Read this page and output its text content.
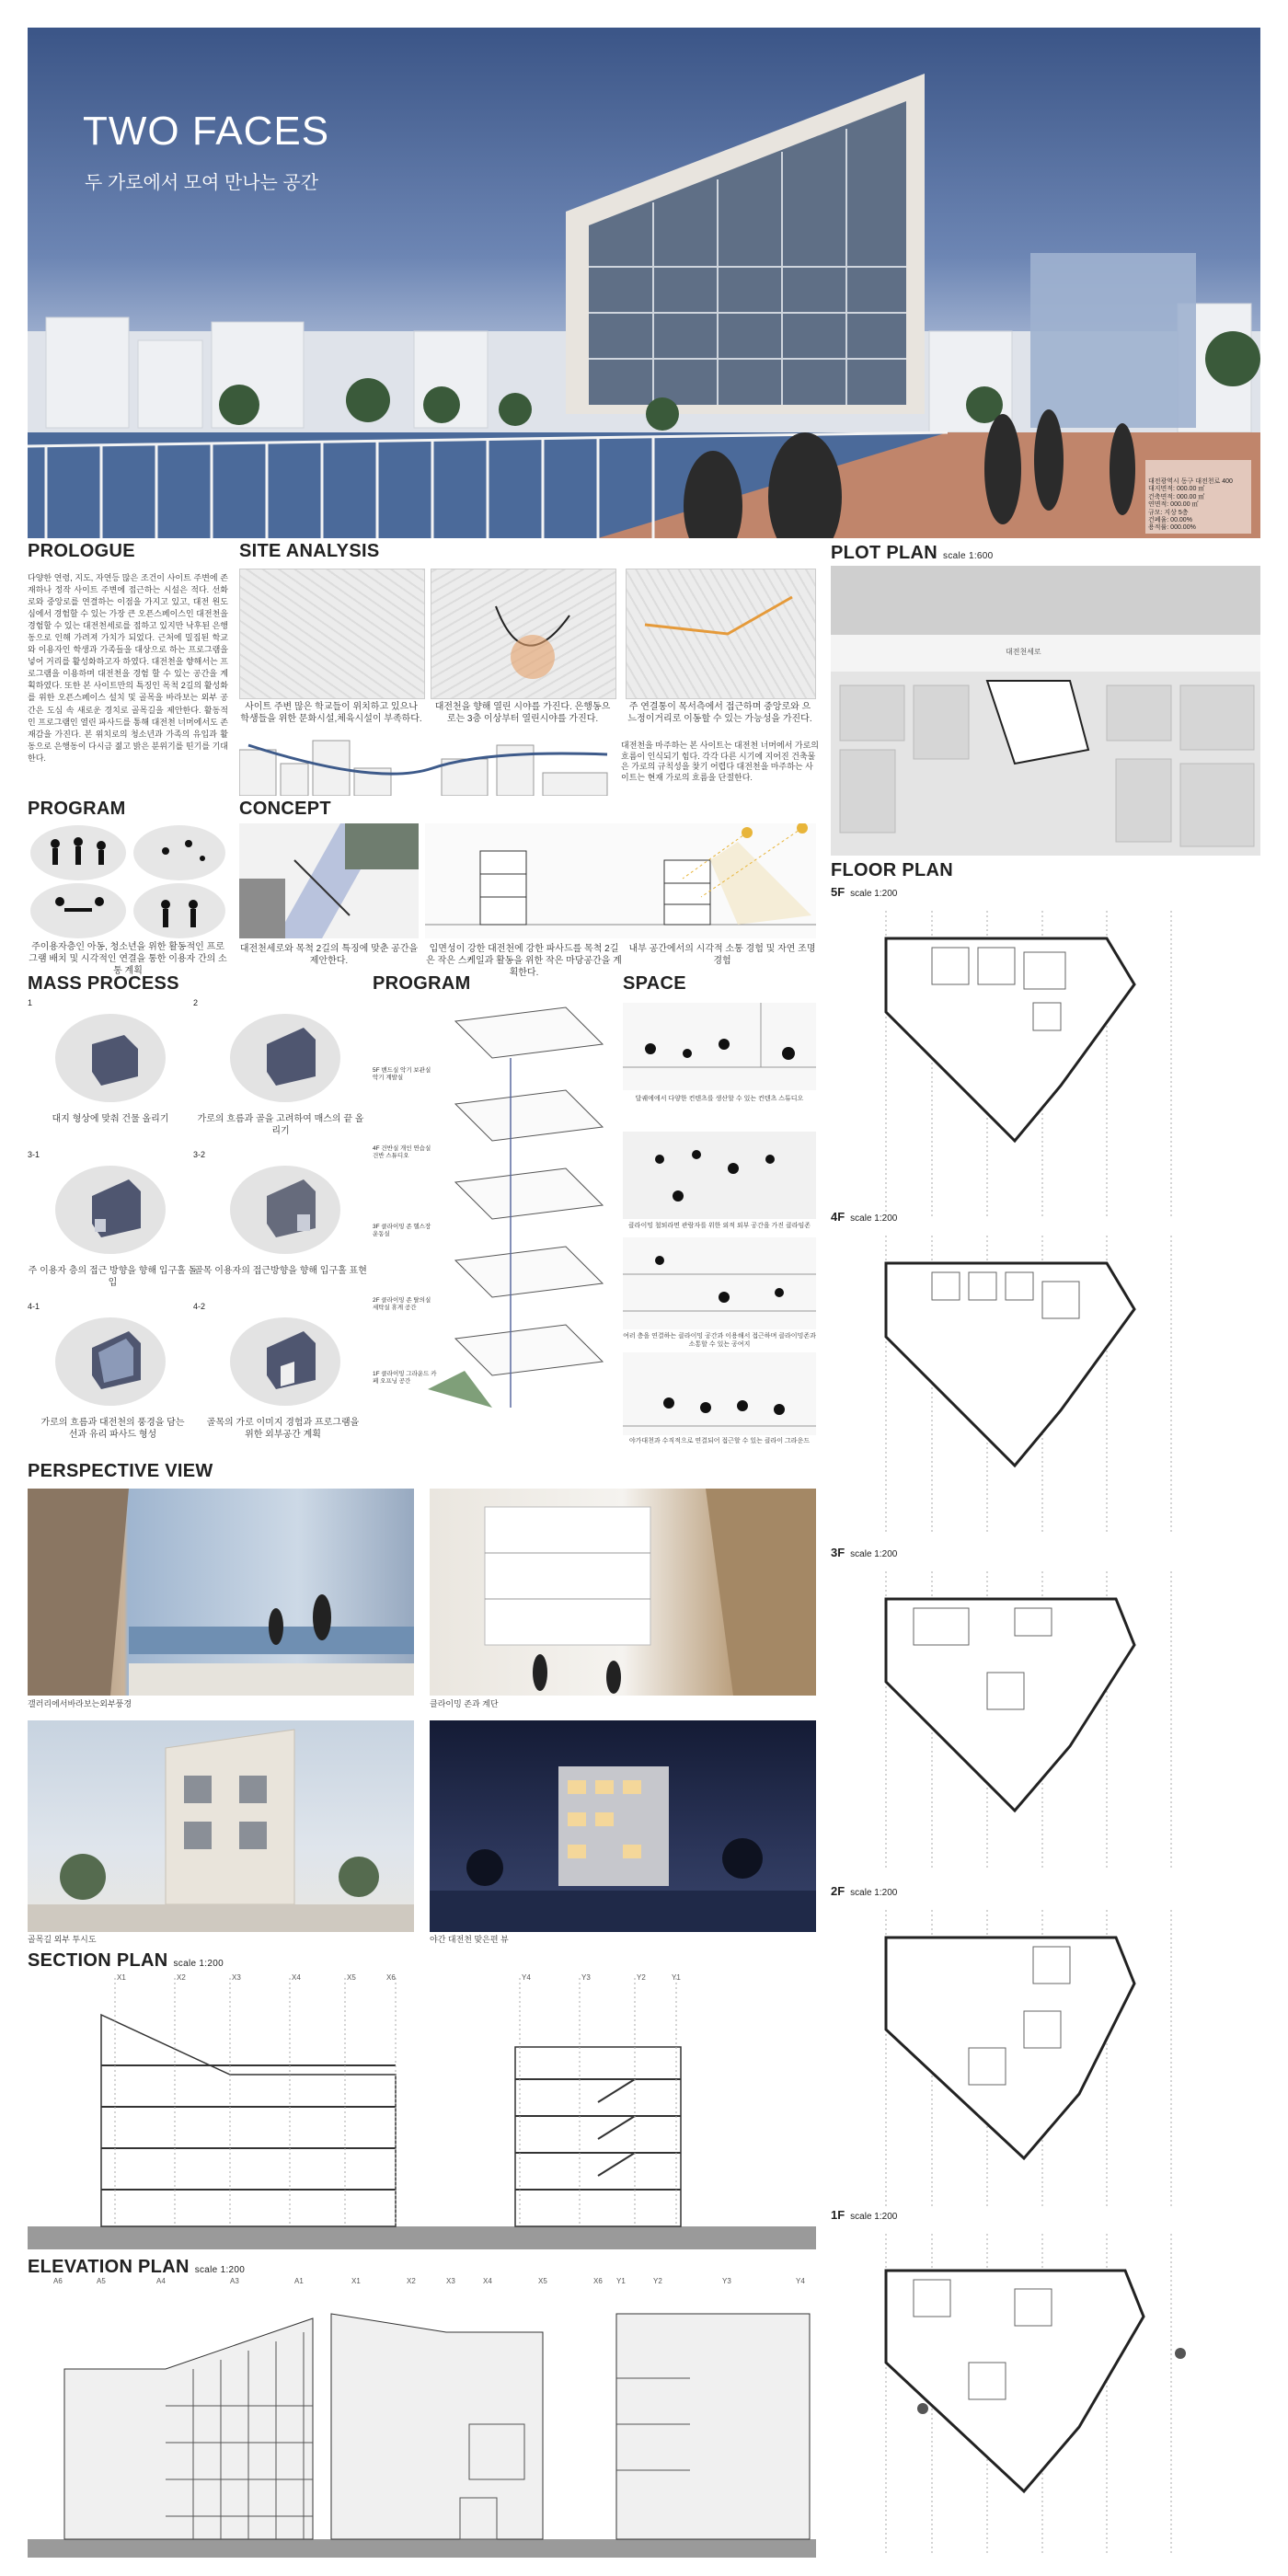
TWO FACES
두 가로에서 모여 만나는 공간
대전광역시 동구 대전천로 400
대지면적: 000.00 ㎡
건축면적: 000.00 ㎡
연면적: 000.00 ㎡
규모: 지상 5층
건폐율: 00.00%
용적률: 000.00%
PROLOGUE
다양한 연령, 지도, 자연등 많은 조건이 사이트 주변에 존재하나 정작 사이트 주변에 접근하는 시설은 적다. 선화로와 중앙로를 연결하는 이점을 가지고 있고, 대전 원도심에서 경험할 수 있는 가장 큰 오픈스페이스인 대전천을 경험할 수 있는 대전천세로를 접하고 있지만 낙후된 은행동으로 인해 가려져 가치가 되었다. 근처에 밀집된 학교와 이용자인 학생과 가족들을 대상으로 하는 프로그램을 넣어 거리를 활성화하고자 하였다. 대전천을 향해서는 프로그램을 이용하며 대전천을 경험 할 수 있는 공간을 계획하였다. 또한 본 사이트만의 특징인 목척 2길의 활성화를 위한 오픈스페이스 설치 및 골목을 바라보는 외부 공간은 도심 속 새로운 경치로 골목길을 제안한다. 활동적인 프로그램인 열린 파사드를 통해 대전천 너머에서도 존재감을 가진다. 본 위치로의 청소년과 가족의 유입과 활동으로 은행동이 다시금 젊고 밝은 분위기를 띤기를 기대한다.
SITE ANALYSIS
사이트 주변 많은 학교들이 위치하고 있으나 학생들을 위한 문화시설,체육시설이 부족하다.
대전천을 향해 열린 시야를 가진다. 은행동으로는 3층 이상부터 열린시야를 가진다.
주 연결통이 목서측에서 접근하며 중앙로와 으느정이거리로 이동할 수 있는 가능성을 가진다.
대전천을 마주하는 본 사이트는 대전천 너머에서 가로의 흐름이 인식되기 힘다. 각각 다른 시기에 지어진 건축물은 가로의 규칙성을 찾기 어렵다 대전천을 마주하는 사이트는 현재 가로의 흐름을 단절한다.
PROGRAM
주이용자층인 아동, 청소년을 위한 활동적인 프로그램 배치 및 시각적인 연결을 통한 이용자 간의 소통 계획
CONCEPT
대전천세로와 목척 2길의 특징에 맞춘 공간을 제안한다.
입면성이 강한 대전천에 강한 파사드를 목척 2길은 작은 스케일과 활동을 위한 작은 마당공간을 계획한다.
내부 공간에서의 시각적 소통 경험 및 자연 조명 경험
MASS PROCESS
1
대지 형상에 맞춰 건물 올리기
2
가로의 흐름과 골을 고려하여 매스의 끝 올리기
3-1
주 이용자 층의 접근 방향을 향해 입구홀 돌입
3-2
골목 이용자의 접근방향을 향해 입구홀 표현
4-1
가로의 흐름과 대전천의 풍경을 담는 선과 유리 파사드 형성
4-2
골목의 가로 이미지 경험과 프로그램을 위한 외부공간 계획
PROGRAM
5F 밴드실 악기 보관실 악기 계발실
4F 건반실 개인 연습실 건반 스튜디오
3F 클라이밍 존 헬스장 운동실
2F 클라이밍 존 탈의실 세탁실 휴게 공간
1F 클라이밍 그라운드 카페 오프닝 공간
SPACE
달궤에에서 다양한 컨텐츠를 생산할 수 있는 컨텐츠 스튜디오
클라이밍 철퇴라면 관람자를 위한 외적 외부 공간을 가진 클라임존
여러 층을 연결하는 클라이밍 공간과 이용해서 접근하며 클라이밍존과 소통할 수 있는 공여지
야가대천과 수직적으로 연결되어 접근할 수 있는 클라이 그라운드
PERSPECTIVE VIEW
갤러리에서바라보는외부풍경	클라이밍 존과 계단
골목길 외부 투시도	야간 대전천 맞은편 뷰
SECTION PLAN scale 1:200
X1	X2	X3	X4	X5	X6	Y4	Y3	Y2	Y1
ELEVATION PLAN scale 1:200
A6	A5	A4	A3	A1	X1	X2	X3	X4	X5	X6 Y1	Y2	Y3	Y4
PLOT PLAN scale 1:600
대전천세로
FLOOR PLAN
5F scale 1:200
4F scale 1:200
3F scale 1:200
2F scale 1:200
1F scale 1:200
